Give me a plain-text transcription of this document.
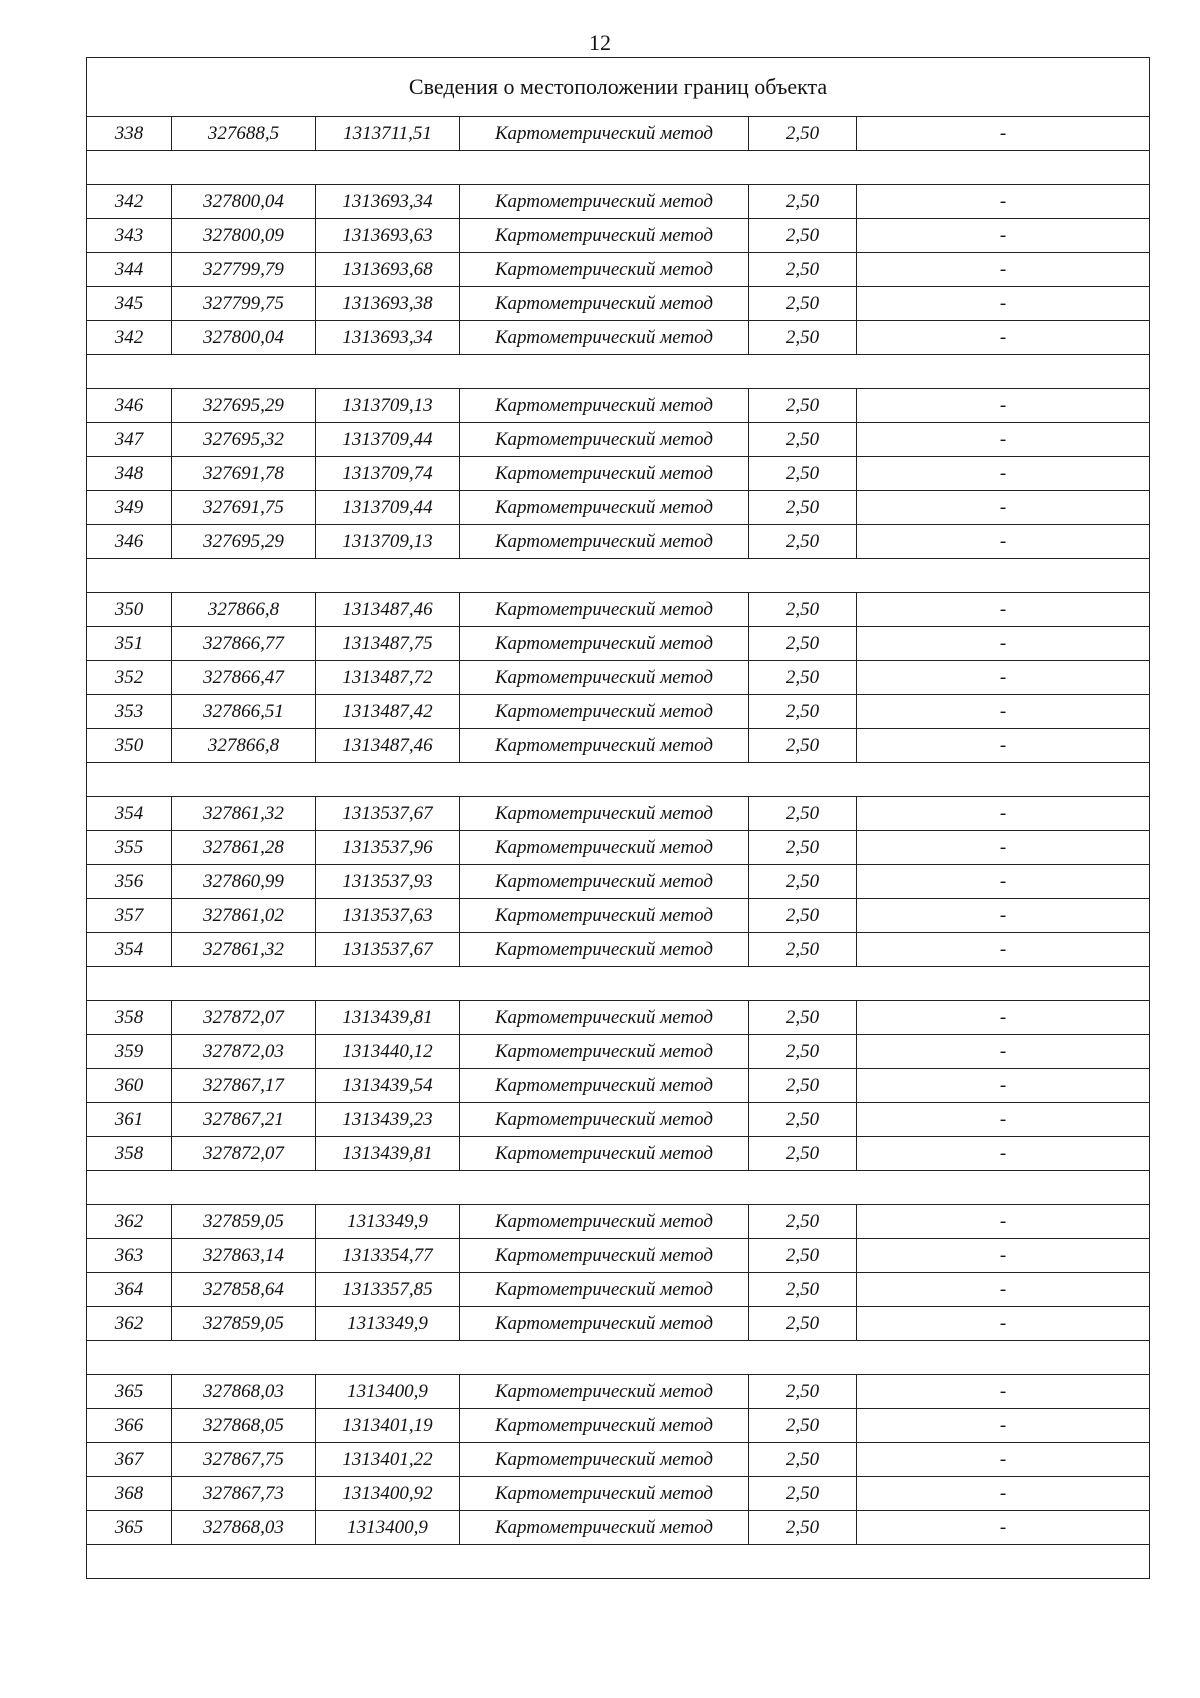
12
Сведения о местоположении границ объекта					
338	327688,5	1313711,51	Картометрический метод	2,50	-

342	327800,04	1313693,34	Картометрический метод	2,50	-
343	327800,09	1313693,63	Картометрический метод	2,50	-
344	327799,79	1313693,68	Картометрический метод	2,50	-
345	327799,75	1313693,38	Картометрический метод	2,50	-
342	327800,04	1313693,34	Картометрический метод	2,50	-

346	327695,29	1313709,13	Картометрический метод	2,50	-
347	327695,32	1313709,44	Картометрический метод	2,50	-
348	327691,78	1313709,74	Картометрический метод	2,50	-
349	327691,75	1313709,44	Картометрический метод	2,50	-
346	327695,29	1313709,13	Картометрический метод	2,50	-

350	327866,8	1313487,46	Картометрический метод	2,50	-
351	327866,77	1313487,75	Картометрический метод	2,50	-
352	327866,47	1313487,72	Картометрический метод	2,50	-
353	327866,51	1313487,42	Картометрический метод	2,50	-
350	327866,8	1313487,46	Картометрический метод	2,50	-

354	327861,32	1313537,67	Картометрический метод	2,50	-
355	327861,28	1313537,96	Картометрический метод	2,50	-
356	327860,99	1313537,93	Картометрический метод	2,50	-
357	327861,02	1313537,63	Картометрический метод	2,50	-
354	327861,32	1313537,67	Картометрический метод	2,50	-

358	327872,07	1313439,81	Картометрический метод	2,50	-
359	327872,03	1313440,12	Картометрический метод	2,50	-
360	327867,17	1313439,54	Картометрический метод	2,50	-
361	327867,21	1313439,23	Картометрический метод	2,50	-
358	327872,07	1313439,81	Картометрический метод	2,50	-

362	327859,05	1313349,9	Картометрический метод	2,50	-
363	327863,14	1313354,77	Картометрический метод	2,50	-
364	327858,64	1313357,85	Картометрический метод	2,50	-
362	327859,05	1313349,9	Картометрический метод	2,50	-

365	327868,03	1313400,9	Картометрический метод	2,50	-
366	327868,05	1313401,19	Картометрический метод	2,50	-
367	327867,75	1313401,22	Картометрический метод	2,50	-
368	327867,73	1313400,92	Картометрический метод	2,50	-
365	327868,03	1313400,9	Картометрический метод	2,50	-
